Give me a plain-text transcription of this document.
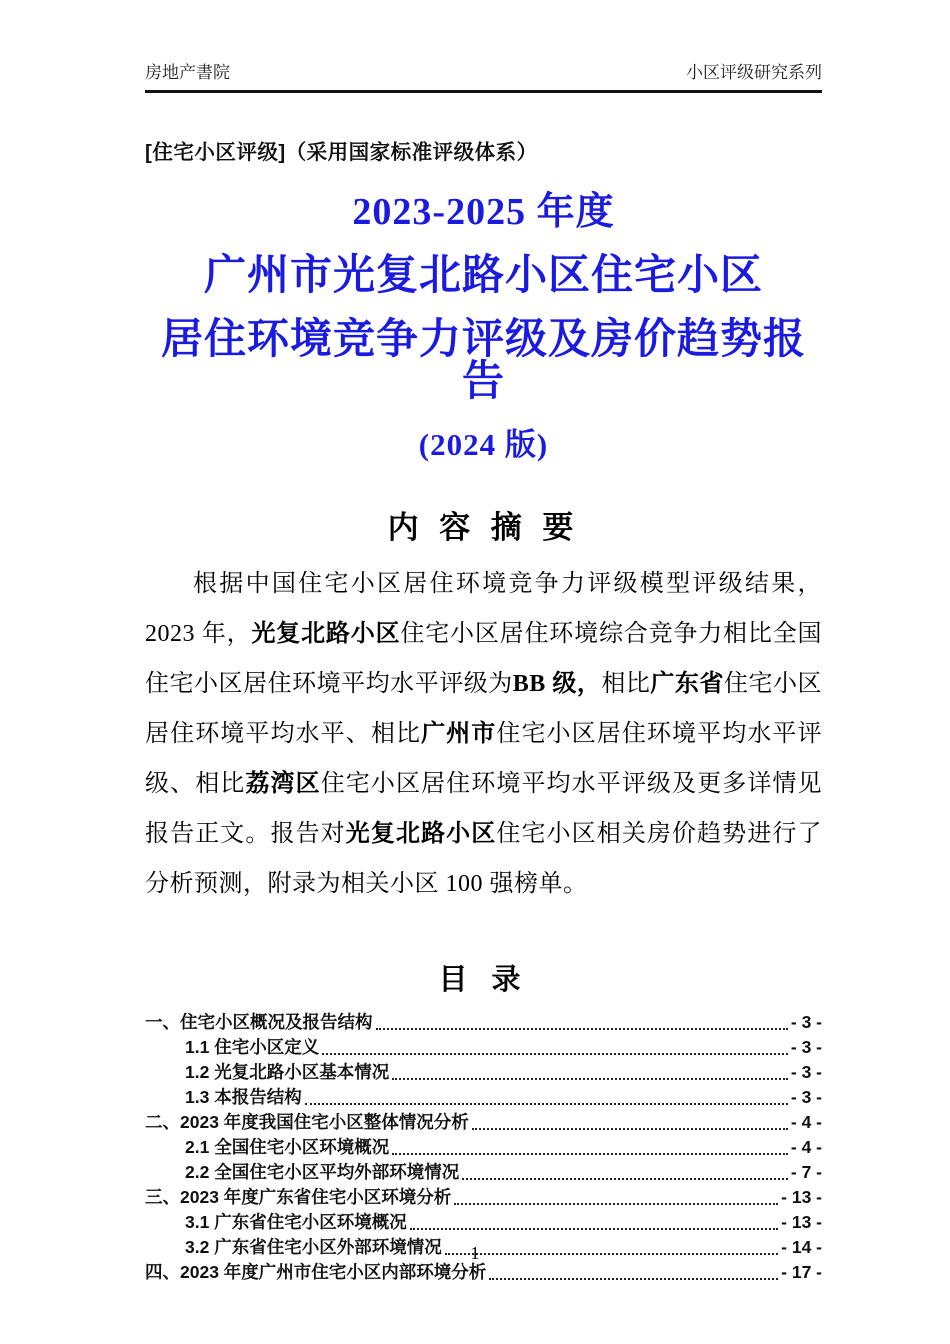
房地产書院	小区评级研究系列
[住宅小区评级]（采用国家标准评级体系）
2023-2025 年度
广州市光复北路小区住宅小区
居住环境竞争力评级及房价趋势报告
(2024 版)
内 容 摘 要
根据中国住宅小区居住环境竞争力评级模型评级结果，2023 年，光复北路小区住宅小区居住环境综合竞争力相比全国住宅小区居住环境平均水平评级为BB 级，相比广东省住宅小区居住环境平均水平、相比广州市住宅小区居住环境平均水平评级、相比荔湾区住宅小区居住环境平均水平评级及更多详情见报告正文。报告对光复北路小区住宅小区相关房价趋势进行了分析预测，附录为相关小区 100 强榜单。
目 录
一、住宅小区概况及报告结构	- 3 -
1.1 住宅小区定义	- 3 -
1.2 光复北路小区基本情况	- 3 -
1.3 本报告结构	- 3 -
二、2023 年度我国住宅小区整体情况分析	- 4 -
2.1 全国住宅小区环境概况	- 4 -
2.2 全国住宅小区平均外部环境情况	- 7 -
三、2023 年度广东省住宅小区环境分析	- 13 -
3.1 广东省住宅小区环境概况	- 13 -
3.2 广东省住宅小区外部环境情况	- 14 -
四、2023 年度广州市住宅小区内部环境分析	- 17 -
1
